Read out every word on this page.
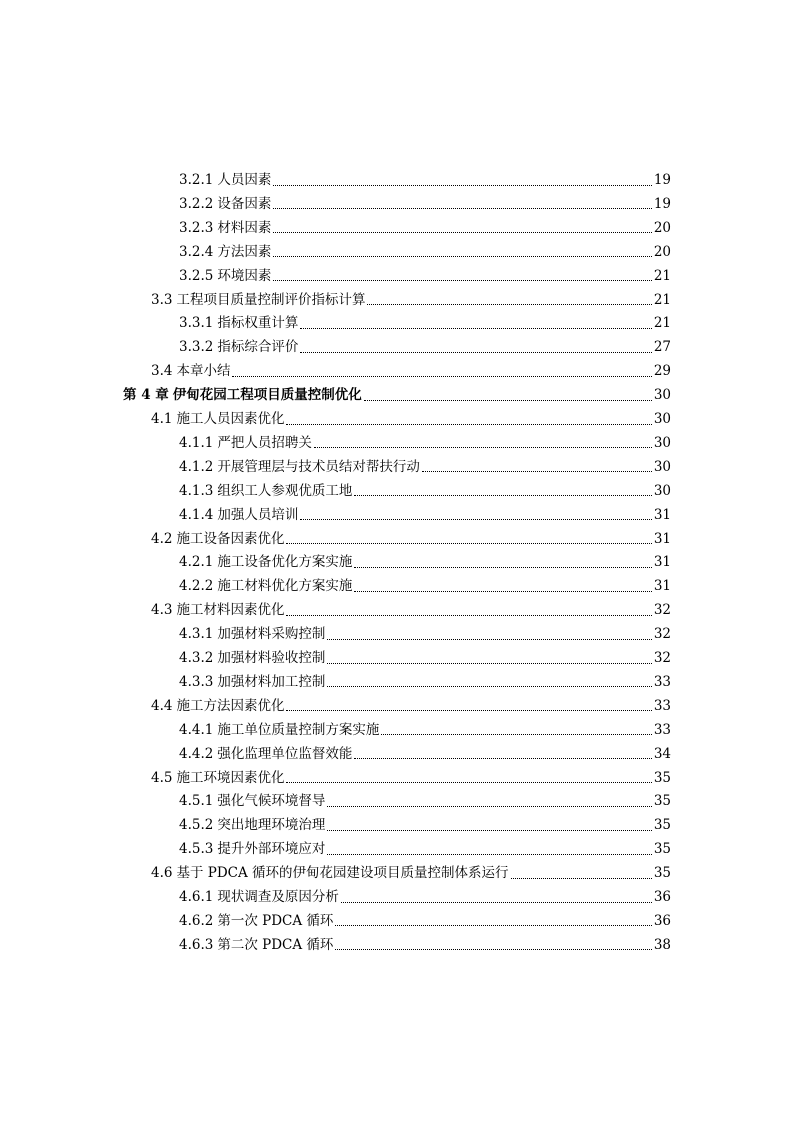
3.2.1 人员因素	19
3.2.2 设备因素	19
3.2.3 材料因素	20
3.2.4 方法因素	20
3.2.5 环境因素	21
3.3 工程项目质量控制评价指标计算	21
3.3.1 指标权重计算	21
3.3.2 指标综合评价	27
3.4 本章小结	29
第 4 章 伊甸花园工程项目质量控制优化	30
4.1 施工人员因素优化	30
4.1.1 严把人员招聘关	30
4.1.2 开展管理层与技术员结对帮扶行动	30
4.1.3 组织工人参观优质工地	30
4.1.4 加强人员培训	31
4.2 施工设备因素优化	31
4.2.1 施工设备优化方案实施	31
4.2.2 施工材料优化方案实施	31
4.3 施工材料因素优化	32
4.3.1 加强材料采购控制	32
4.3.2 加强材料验收控制	32
4.3.3 加强材料加工控制	33
4.4 施工方法因素优化	33
4.4.1 施工单位质量控制方案实施	33
4.4.2 强化监理单位监督效能	34
4.5 施工环境因素优化	35
4.5.1 强化气候环境督导	35
4.5.2 突出地理环境治理	35
4.5.3 提升外部环境应对	35
4.6 基于 PDCA 循环的伊甸花园建设项目质量控制体系运行	35
4.6.1 现状调查及原因分析	36
4.6.2 第一次 PDCA 循环	36
4.6.3 第二次 PDCA 循环	38
